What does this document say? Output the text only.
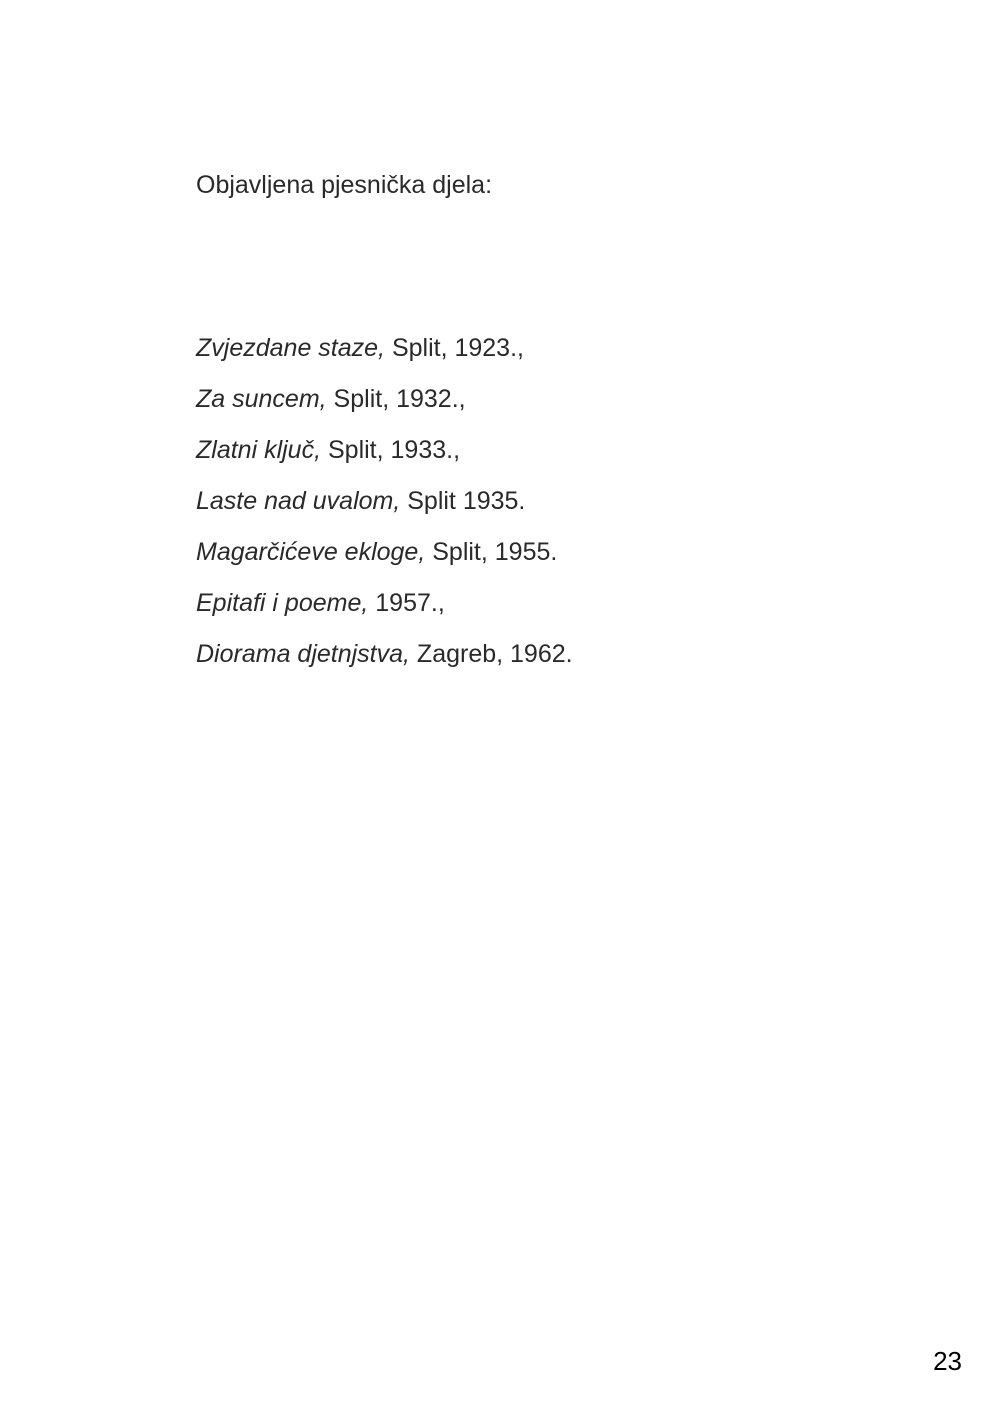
Objavljena pjesnička djela:

Zvjezdane staze, Split, 1923.,
Za suncem, Split, 1932.,
Zlatni ključ, Split, 1933.,
Laste nad uvalom, Split 1935.
Magarčićeve ekloge, Split, 1955.
Epitafi i poeme, 1957.,
Diorama djetnjstva, Zagreb, 1962.
23
